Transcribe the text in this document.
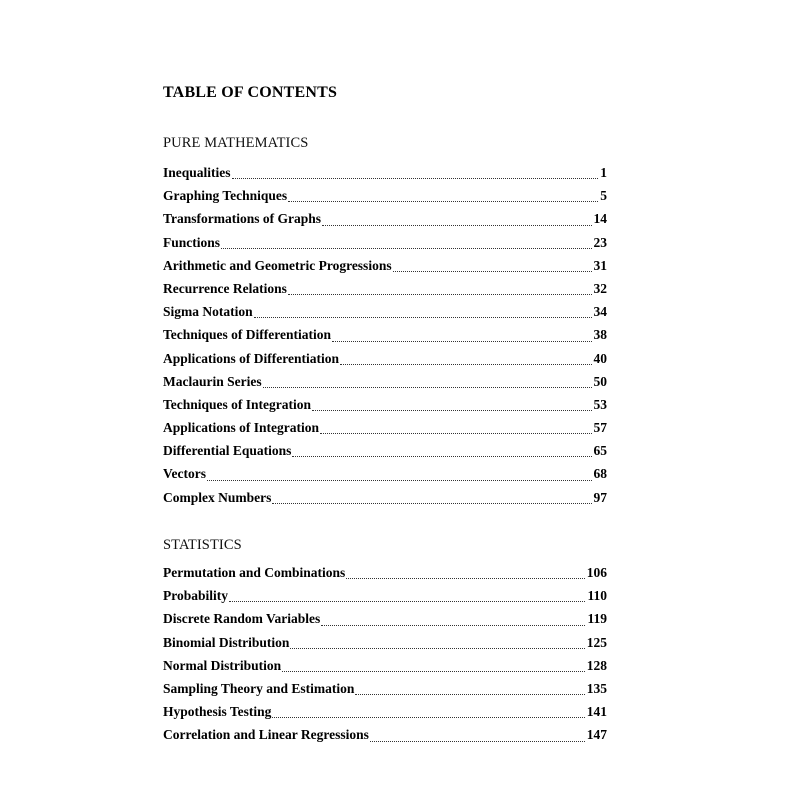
TABLE OF CONTENTS
PURE MATHEMATICS
Inequalities	1
Graphing Techniques	5
Transformations of Graphs	14
Functions	23
Arithmetic and Geometric Progressions	31
Recurrence Relations	32
Sigma Notation	34
Techniques of Differentiation	38
Applications of Differentiation	40
Maclaurin Series	50
Techniques of Integration	53
Applications of Integration	57
Differential Equations	65
Vectors	68
Complex Numbers	97
STATISTICS
Permutation and Combinations	106
Probability	110
Discrete Random Variables	119
Binomial Distribution	125
Normal Distribution	128
Sampling Theory and Estimation	135
Hypothesis Testing	141
Correlation and Linear Regressions	147
